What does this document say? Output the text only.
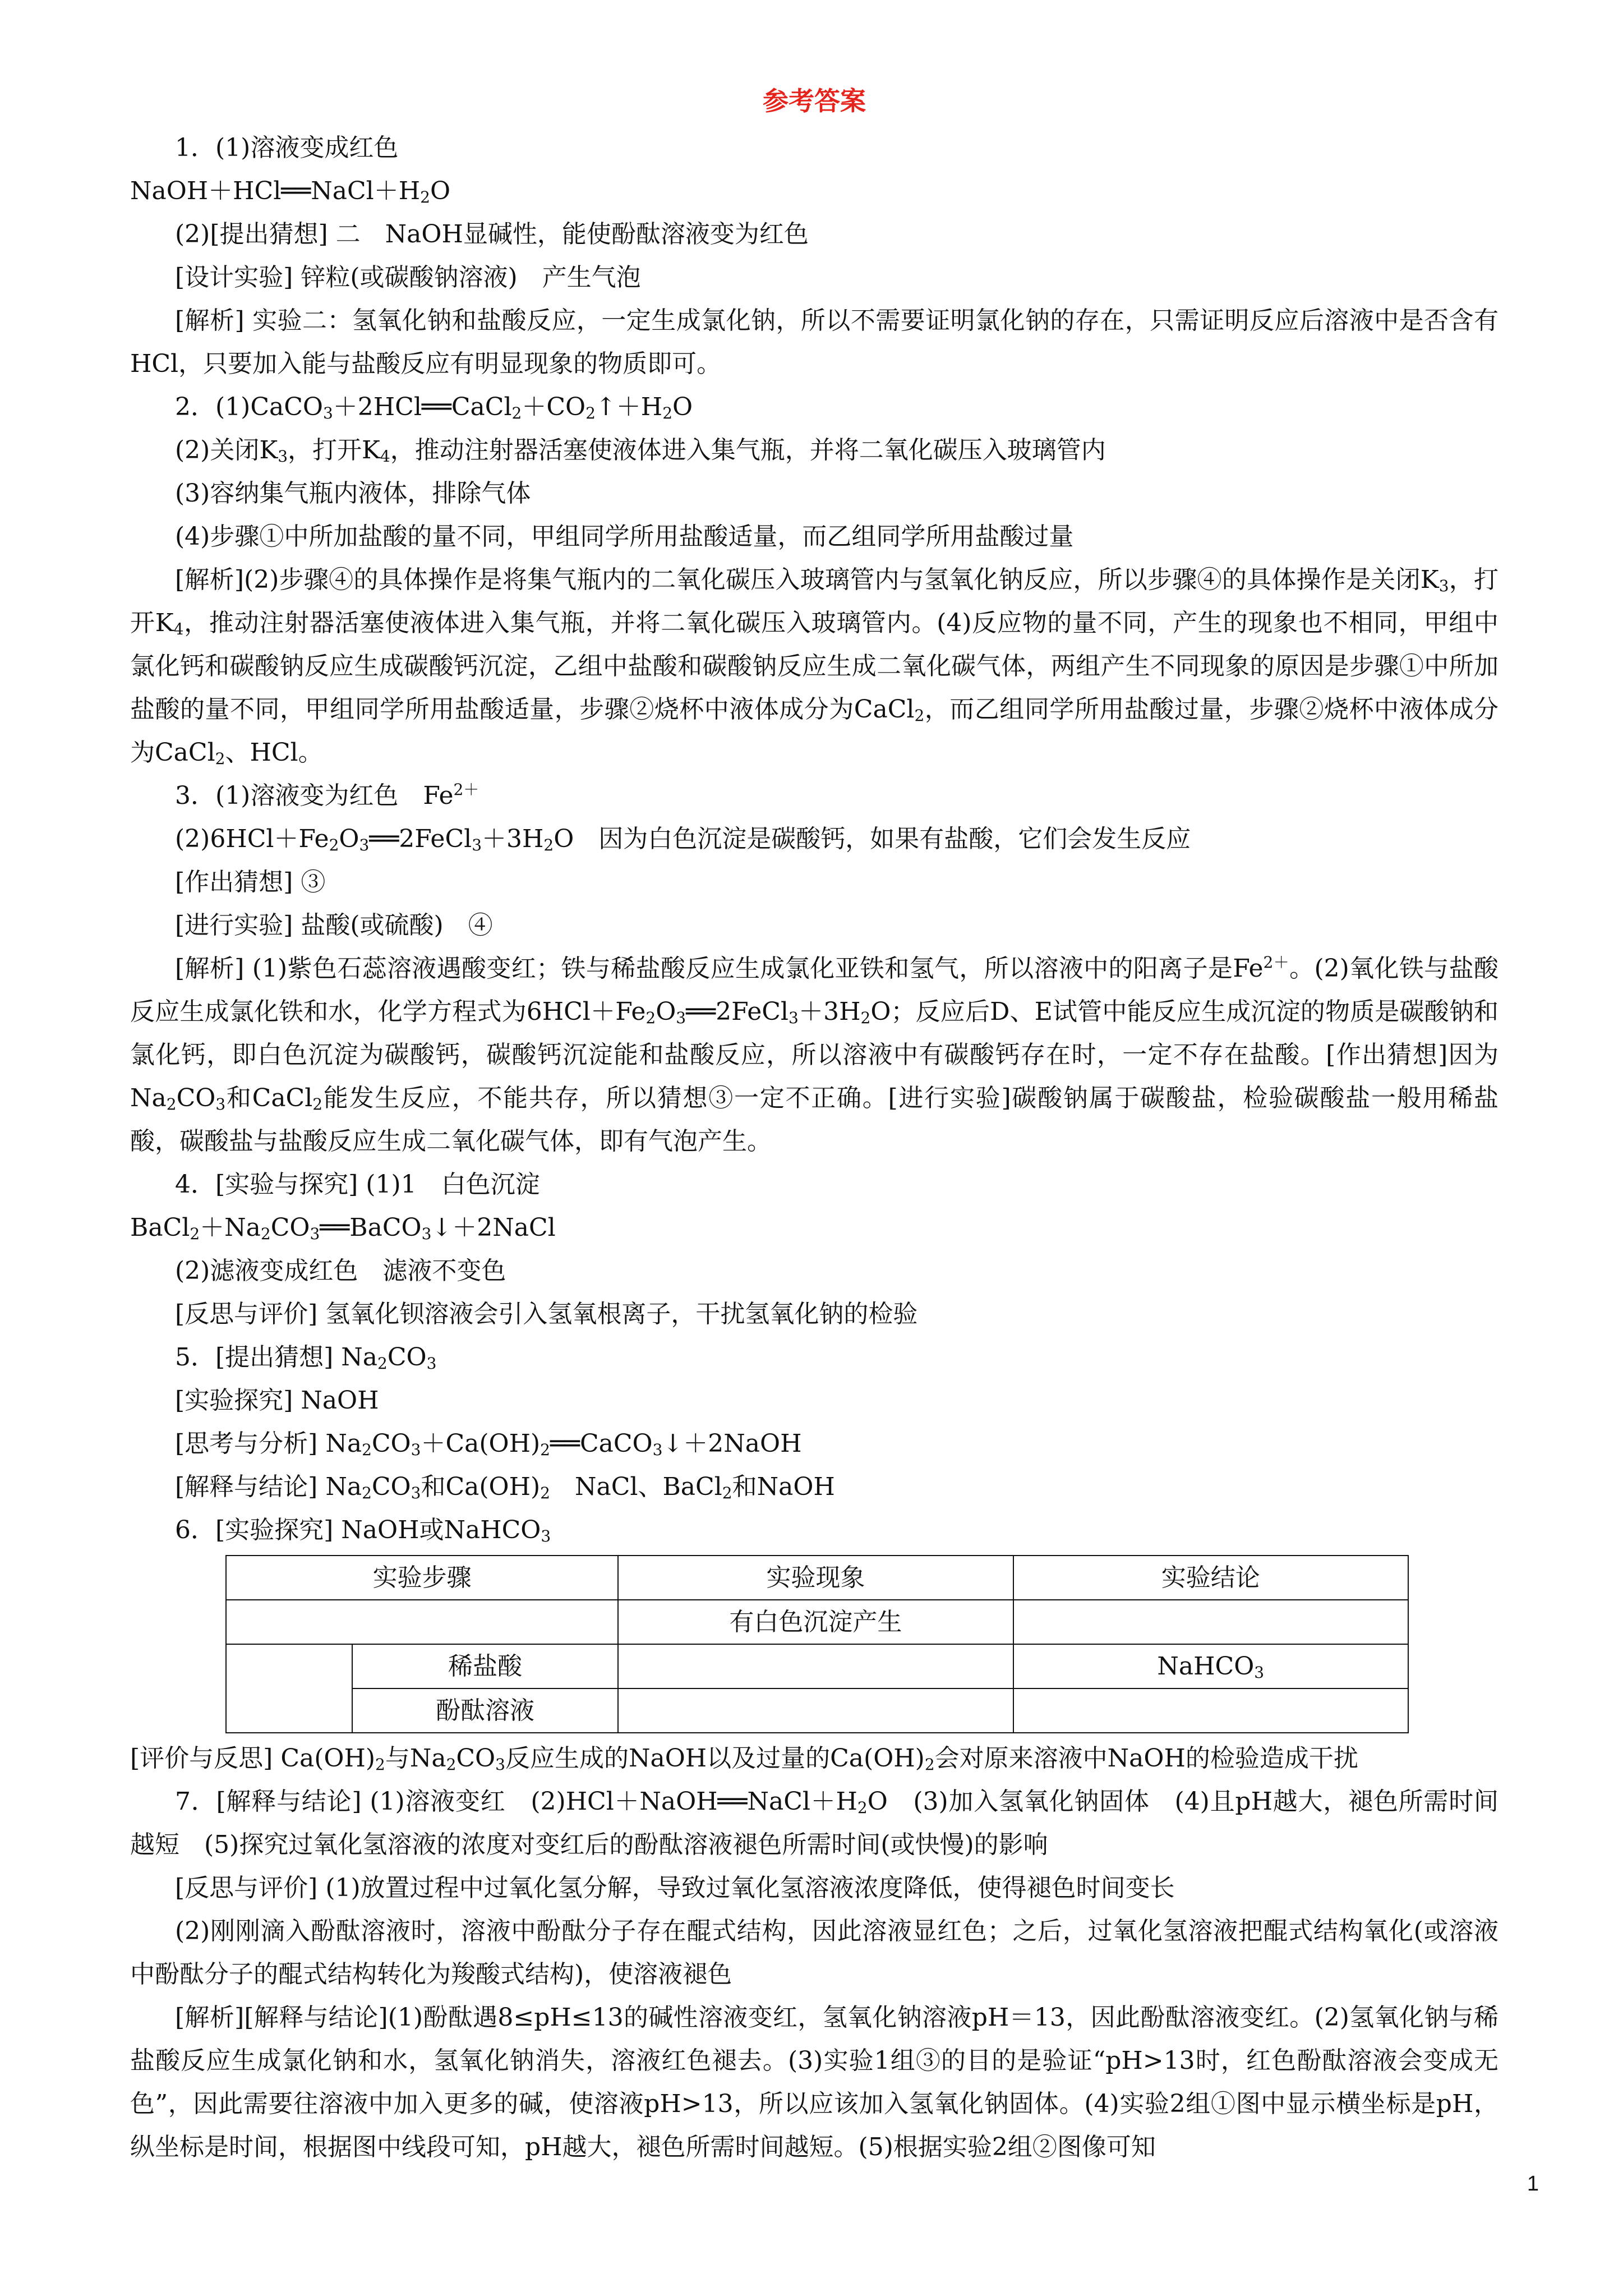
参考答案

1．(1)溶液变成红色

$NaOH+HCl══NaCl+H_2O$

(2)[提出猜想] 二　NaOH显碱性，能使酚酞溶液变为红色

[设计实验] 锌粒(或碳酸钠溶液)　产生气泡

[解析] 实验二：氢氧化钠和盐酸反应，一定生成氯化钠，所以不需要证明氯化钠的存在，只需证明反应后溶液中是否含有HCl，只要加入能与盐酸反应有明显现象的物质即可。

2．$(1)CaCO_3+2HCl══CaCl_2+CO_2↑+H_2O$

(2)关闭$K_3$，打开$K_4$，推动注射器活塞使液体进入集气瓶，并将二氧化碳压入玻璃管内

(3)容纳集气瓶内液体，排除气体

(4)步骤①中所加盐酸的量不同，甲组同学所用盐酸适量，而乙组同学所用盐酸过量

[解析](2)步骤④的具体操作是将集气瓶内的二氧化碳压入玻璃管内与氢氧化钠反应，所以步骤④的具体操作是关闭$K_3$，打开$K_4$，推动注射器活塞使液体进入集气瓶，并将二氧化碳压入玻璃管内。(4)反应物的量不同，产生的现象也不相同，甲组中氯化钙和碳酸钠反应生成碳酸钙沉淀，乙组中盐酸和碳酸钠反应生成二氧化碳气体，两组产生不同现象的原因是步骤①中所加盐酸的量不同，甲组同学所用盐酸适量，步骤②烧杯中液体成分为CaCl$_2$，而乙组同学所用盐酸过量，步骤②烧杯中液体成分为CaCl$_2$、HCl。

3．(1)溶液变为红色　$Fe^{2+}$

$(2)6HCl+Fe_2O_3══2FeCl_3+3H_2O$　因为白色沉淀是碳酸钙，如果有盐酸，它们会发生反应

[作出猜想] ③

[进行实验] 盐酸(或硫酸)　④

[解析] (1)紫色石蕊溶液遇酸变红；铁与稀盐酸反应生成氯化亚铁和氢气，所以溶液中的阳离子是$Fe^{2+}$。(2)氧化铁与盐酸反应生成氯化铁和水，化学方程式为$6HCl+Fe_2O_3══2FeCl_3+3H_2O$；反应后D、E试管中能反应生成沉淀的物质是碳酸钠和氯化钙，即白色沉淀为碳酸钙，碳酸钙沉淀能和盐酸反应，所以溶液中有碳酸钙存在时，一定不存在盐酸。[作出猜想]因为$Na_2CO_3$和CaCl$_2$能发生反应，不能共存，所以猜想③一定不正确。[进行实验]碳酸钠属于碳酸盐，检验碳酸盐一般用稀盐酸，碳酸盐与盐酸反应生成二氧化碳气体，即有气泡产生。

4．[实验与探究] (1)1　白色沉淀

$BaCl_2+Na_2CO_3══BaCO_3↓+2NaCl$

(2)滤液变成红色　滤液不变色

[反思与评价] 氢氧化钡溶液会引入氢氧根离子，干扰氢氧化钠的检验

5．[提出猜想] $Na_2CO_3$

[实验探究] NaOH

[思考与分析] $Na_2CO_3+Ca(OH)_2══CaCO_3↓+2NaOH$

[解释与结论] $Na_2CO_3$和$Ca(OH)_2$　NaCl、BaCl$_2$和NaOH

6．[实验探究] NaOH或NaHCO$_3$

实验步骤		实验现象	实验结论
		有白色沉淀产生	
	稀盐酸		NaHCO$_3$
	酚酞溶液		

[评价与反思] $Ca(OH)_2$与$Na_2CO_3$反应生成的NaOH以及过量的$Ca(OH)_2$会对原来溶液中NaOH的检验造成干扰

7．[解释与结论] (1)溶液变红　$(2)HCl+NaOH══NaCl+H_2O$　(3)加入氢氧化钠固体　(4)且pH越大，褪色所需时间越短　(5)探究过氧化氢溶液的浓度对变红后的酚酞溶液褪色所需时间(或快慢)的影响

[反思与评价] (1)放置过程中过氧化氢分解，导致过氧化氢溶液浓度降低，使得褪色时间变长

(2)刚刚滴入酚酞溶液时，溶液中酚酞分子存在醌式结构，因此溶液显红色；之后，过氧化氢溶液把醌式结构氧化(或溶液中酚酞分子的醌式结构转化为羧酸式结构)，使溶液褪色

[解析][解释与结论](1)酚酞遇8≤pH≤13的碱性溶液变红，氢氧化钠溶液pH＝13，因此酚酞溶液变红。(2)氢氧化钠与稀盐酸反应生成氯化钠和水，氢氧化钠消失，溶液红色褪去。(3)实验1组③的目的是验证“pH>13时，红色酚酞溶液会变成无色”，因此需要往溶液中加入更多的碱，使溶液pH>13，所以应该加入氢氧化钠固体。(4)实验2组①图中显示横坐标是pH，纵坐标是时间，根据图中线段可知，pH越大，褪色所需时间越短。(5)根据实验2组②图像可知

1
